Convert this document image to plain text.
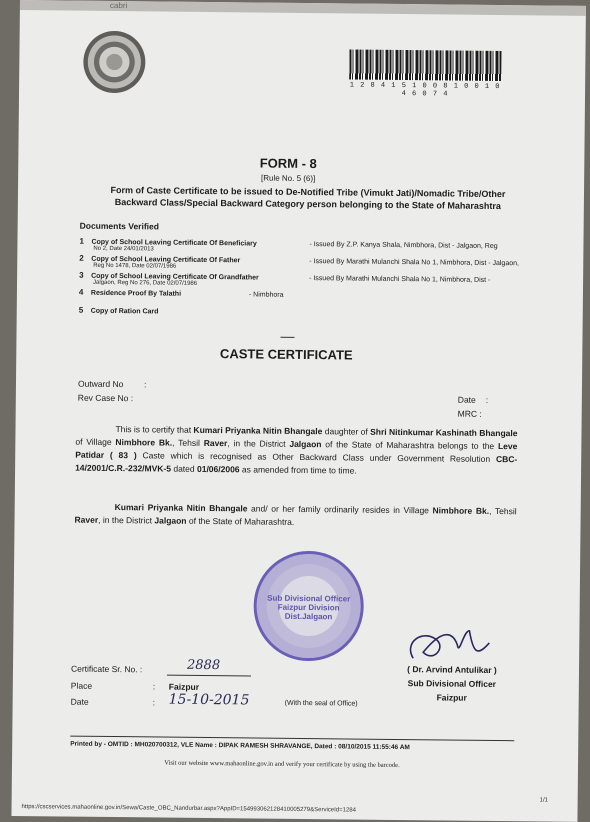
cabri
1 2 8 4 1 5 1 0 0 8 1 0 0 1 0 4 6 0 7 4
FORM - 8
[Rule No. 5 (6)]
Form of Caste Certificate to be issued to De-Notified Tribe (Vimukt Jati)/Nomadic Tribe/Other
Backward Class/Special Backward Category person belonging to the State of Maharashtra
Documents Verified
1 Copy of School Leaving Certificate Of Beneficiary	- Issued By Z.P. Kanya Shala, Nimbhora, Dist - Jalgaon, Reg
No 2, Date 24/01/2013
2 Copy of School Leaving Certificate Of Father	- Issued By Marathi Mulanchi Shala No 1, Nimbhora, Dist - Jalgaon,
Reg No 1478, Date 02/07/1986
3 Copy of School Leaving Certificate Of Grandfather	- Issued By Marathi Mulanchi Shala No 1, Nimbhora, Dist -
Jalgaon, Reg No 276, Date 02/07/1986
4 Residence Proof By Talathi	- Nimbhora
5 Copy of Ration Card
CASTE CERTIFICATE
Outward No :
Rev Case No :	Date :
MRC :
This is to certify that Kumari Priyanka Nitin Bhangale daughter of Shri Nitinkumar Kashinath Bhangale of Village Nimbhore Bk., Tehsil Raver, in the District Jalgaon of the State of Maharashtra belongs to the Leve Patidar ( 83 ) Caste which is recognised as Other Backward Class under Government Resolution CBC-14/2001/C.R.-232/MVK-5 dated 01/06/2006 as amended from time to time.
Kumari Priyanka Nitin Bhangale and/ or her family ordinarily resides in Village Nimbhore Bk., Tehsil Raver, in the District Jalgaon of the State of Maharashtra.
Sub Divisional Officer Faizpur Division Dist.Jalgaon
( Dr. Arvind Antulikar )
Sub Divisional Officer
Faizpur
Certificate Sr. No. :	2888
Place	: Faizpur
Date	: 15-10-2015	(With the seal of Office)
Printed by - OMTID : MH020700312, VLE Name : DIPAK RAMESH SHRAVANGE, Dated : 08/10/2015 11:55:46 AM
Visit our website www.mahaonline.gov.in and verify your certificate by using the barcode.
1/1
https://cscservices.mahaonline.gov.in/Sewa/Caste_OBC_Nandurbar.aspx?AppID=154993062128410005279&ServiceId=1284
